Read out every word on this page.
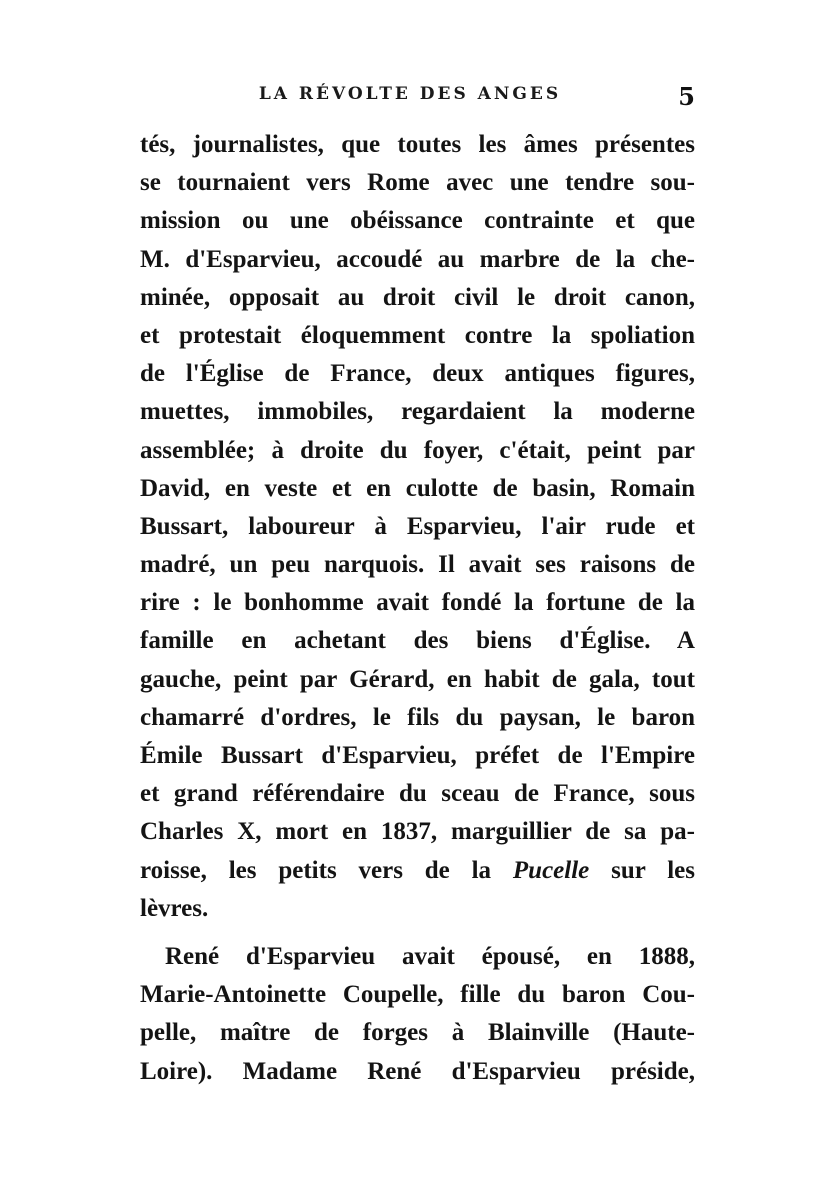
LA RÉVOLTE DES ANGES	5
tés, journalistes, que toutes les âmes présentes
se tournaient vers Rome avec une tendre sou-
mission ou une obéissance contrainte et que
M. d'Esparvieu, accoudé au marbre de la che-
minée, opposait au droit civil le droit canon,
et protestait éloquemment contre la spoliation
de l'Église de France, deux antiques figures,
muettes, immobiles, regardaient la moderne
assemblée; à droite du foyer, c'était, peint par
David, en veste et en culotte de basin, Romain
Bussart, laboureur à Esparvieu, l'air rude et
madré, un peu narquois. Il avait ses raisons de
rire : le bonhomme avait fondé la fortune de la
famille en achetant des biens d'Église. A
gauche, peint par Gérard, en habit de gala, tout
chamarré d'ordres, le fils du paysan, le baron
Émile Bussart d'Esparvieu, préfet de l'Empire
et grand référendaire du sceau de France, sous
Charles X, mort en 1837, marguillier de sa pa-
roisse, les petits vers de la Pucelle sur les
lèvres.
René d'Esparvieu avait épousé, en 1888,
Marie-Antoinette Coupelle, fille du baron Cou-
pelle, maître de forges à Blainville (Haute-
Loire). Madame René d'Esparvieu préside,
